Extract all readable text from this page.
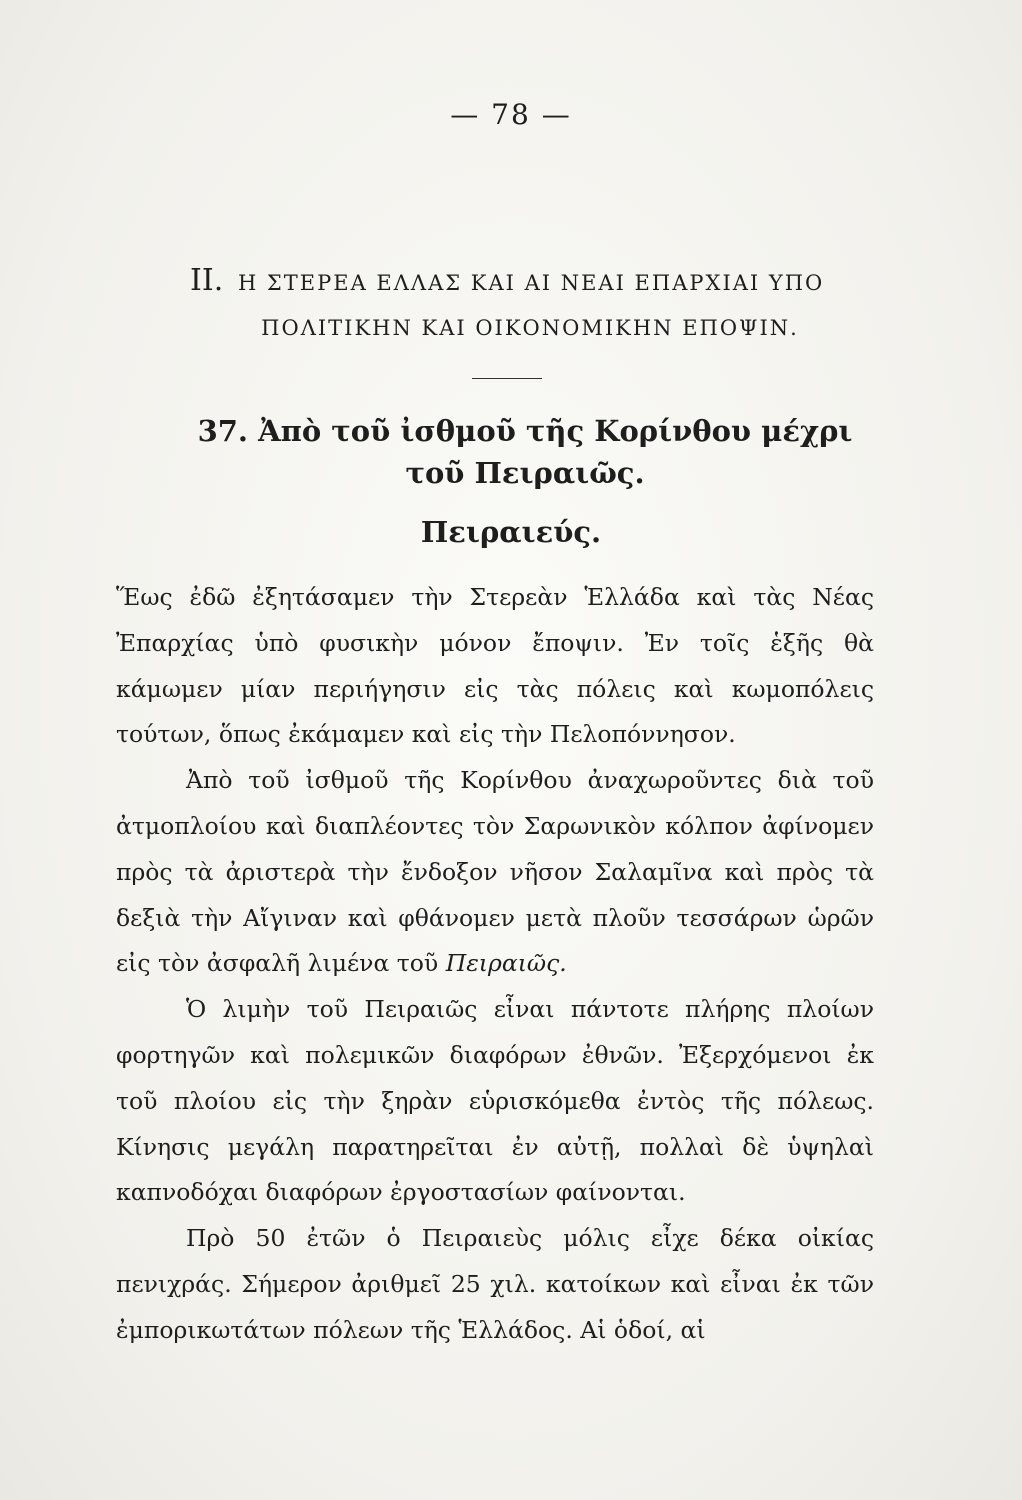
— 78 —
II. Η ΣΤΕΡΕΑ ΕΛΛΑΣ ΚΑΙ ΑΙ ΝΕΑΙ ΕΠΑΡΧΙΑΙ ΥΠΟ
ΠΟΛΙΤΙΚΗΝ ΚΑΙ ΟΙΚΟΝΟΜΙΚΗΝ ΕΠΟΨΙΝ.
37. Ἀπὸ τοῦ ἰσθμοῦ τῆς Κορίνθου μέχρι τοῦ Πειραιῶς.
Πειραιεύς.

Ἕως ἐδῶ ἐξητάσαμεν τὴν Στερεὰν Ἑλλάδα καὶ τὰς Νέας Ἐπαρχίας ὑπὸ φυσικὴν μόνον ἔποψιν. Ἐν τοῖς ἑξῆς θὰ κάμωμεν μίαν περιήγησιν εἰς τὰς πόλεις καὶ κωμοπόλεις τούτων, ὅπως ἐκάμαμεν καὶ εἰς τὴν Πελοπόννησον.

Ἀπὸ τοῦ ἰσθμοῦ τῆς Κορίνθου ἀναχωροῦντες διὰ τοῦ ἀτμοπλοίου καὶ διαπλέοντες τὸν Σαρωνικὸν κόλπον ἀφίνομεν πρὸς τὰ ἀριστερὰ τὴν ἔνδοξον νῆσον Σαλαμῖνα καὶ πρὸς τὰ δεξιὰ τὴν Αἴγιναν καὶ φθάνομεν μετὰ πλοῦν τεσσάρων ὡρῶν εἰς τὸν ἀσφαλῆ λιμένα τοῦ Πειραιῶς.

Ὁ λιμὴν τοῦ Πειραιῶς εἶναι πάντοτε πλήρης πλοίων φορτηγῶν καὶ πολεμικῶν διαφόρων ἐθνῶν. Ἐξερχόμενοι ἐκ τοῦ πλοίου εἰς τὴν ξηρὰν εὑρισκόμεθα ἐντὸς τῆς πόλεως. Κίνησις μεγάλη παρατηρεῖται ἐν αὐτῇ, πολλαὶ δὲ ὑψηλαὶ καπνοδόχαι διαφόρων ἐργοστασίων φαίνονται.

Πρὸ 50 ἐτῶν ὁ Πειραιεὺς μόλις εἶχε δέκα οἰκίας πενιχράς. Σήμερον ἀριθμεῖ 25 χιλ. κατοίκων καὶ εἶναι ἐκ τῶν ἐμπορικωτάτων πόλεων τῆς Ἑλλάδος. Αἱ ὁδοί, αἱ
